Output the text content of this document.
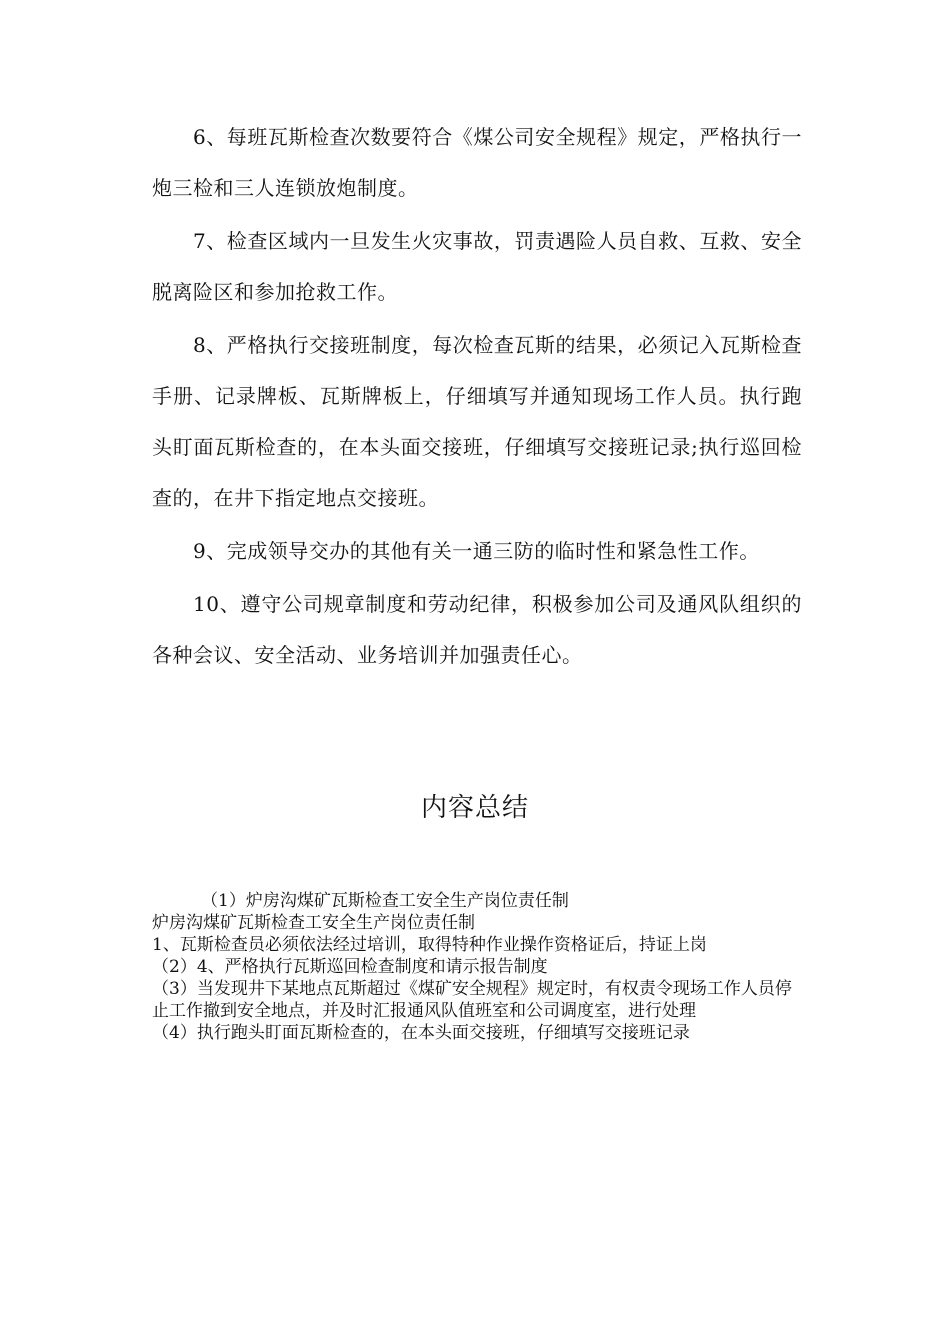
6、每班瓦斯检查次数要符合《煤公司安全规程》规定，严格执行一炮三检和三人连锁放炮制度。

7、检查区域内一旦发生火灾事故，罚责遇险人员自救、互救、安全脱离险区和参加抢救工作。

8、严格执行交接班制度，每次检查瓦斯的结果，必须记入瓦斯检查手册、记录牌板、瓦斯牌板上，仔细填写并通知现场工作人员。执行跑头盯面瓦斯检查的，在本头面交接班，仔细填写交接班记录;执行巡回检查的，在井下指定地点交接班。

9、完成领导交办的其他有关一通三防的临时性和紧急性工作。

10、遵守公司规章制度和劳动纪律，积极参加公司及通风队组织的各种会议、安全活动、业务培训并加强责任心。

内容总结

（1）炉房沟煤矿瓦斯检查工安全生产岗位责任制

炉房沟煤矿瓦斯检查工安全生产岗位责任制

1、瓦斯检查员必须依法经过培训，取得特种作业操作资格证后，持证上岗

（2）4、严格执行瓦斯巡回检查制度和请示报告制度

（3）当发现井下某地点瓦斯超过《煤矿安全规程》规定时，有权责令现场工作人员停止工作撤到安全地点，并及时汇报通风队值班室和公司调度室，进行处理

（4）执行跑头盯面瓦斯检查的，在本头面交接班，仔细填写交接班记录
